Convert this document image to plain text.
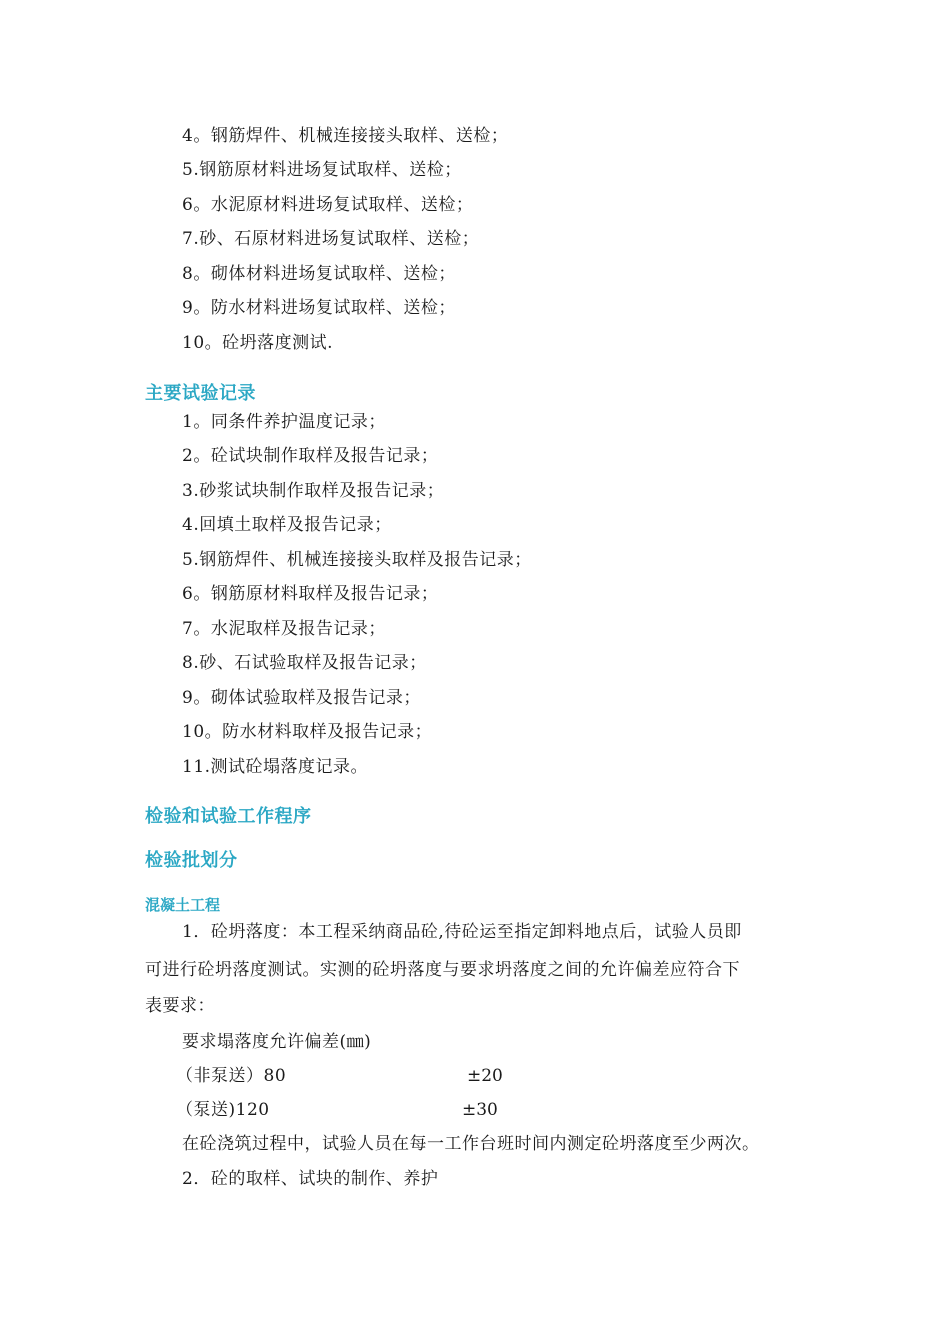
4。钢筋焊件、机械连接接头取样、送检；
5.钢筋原材料进场复试取样、送检；
6。水泥原材料进场复试取样、送检；
7.砂、石原材料进场复试取样、送检；
8。砌体材料进场复试取样、送检；
9。防水材料进场复试取样、送检；
10。砼坍落度测试.
主要试验记录
1。同条件养护温度记录；
2。砼试块制作取样及报告记录；
3.砂浆试块制作取样及报告记录；
4.回填土取样及报告记录；
5.钢筋焊件、机械连接接头取样及报告记录；
6。钢筋原材料取样及报告记录；
7。水泥取样及报告记录；
8.砂、石试验取样及报告记录；
9。砌体试验取样及报告记录；
10。防水材料取样及报告记录；
11.测试砼塌落度记录。
检验和试验工作程序
检验批划分
混凝土工程
1．砼坍落度：本工程采纳商品砼,待砼运至指定卸料地点后，试验人员即
可进行砼坍落度测试。实测的砼坍落度与要求坍落度之间的允许偏差应符合下
表要求：
要求塌落度允许偏差(㎜)
（非泵送）80	±20
（泵送)120	±30
在砼浇筑过程中，试验人员在每一工作台班时间内测定砼坍落度至少两次。
2．砼的取样、试块的制作、养护
